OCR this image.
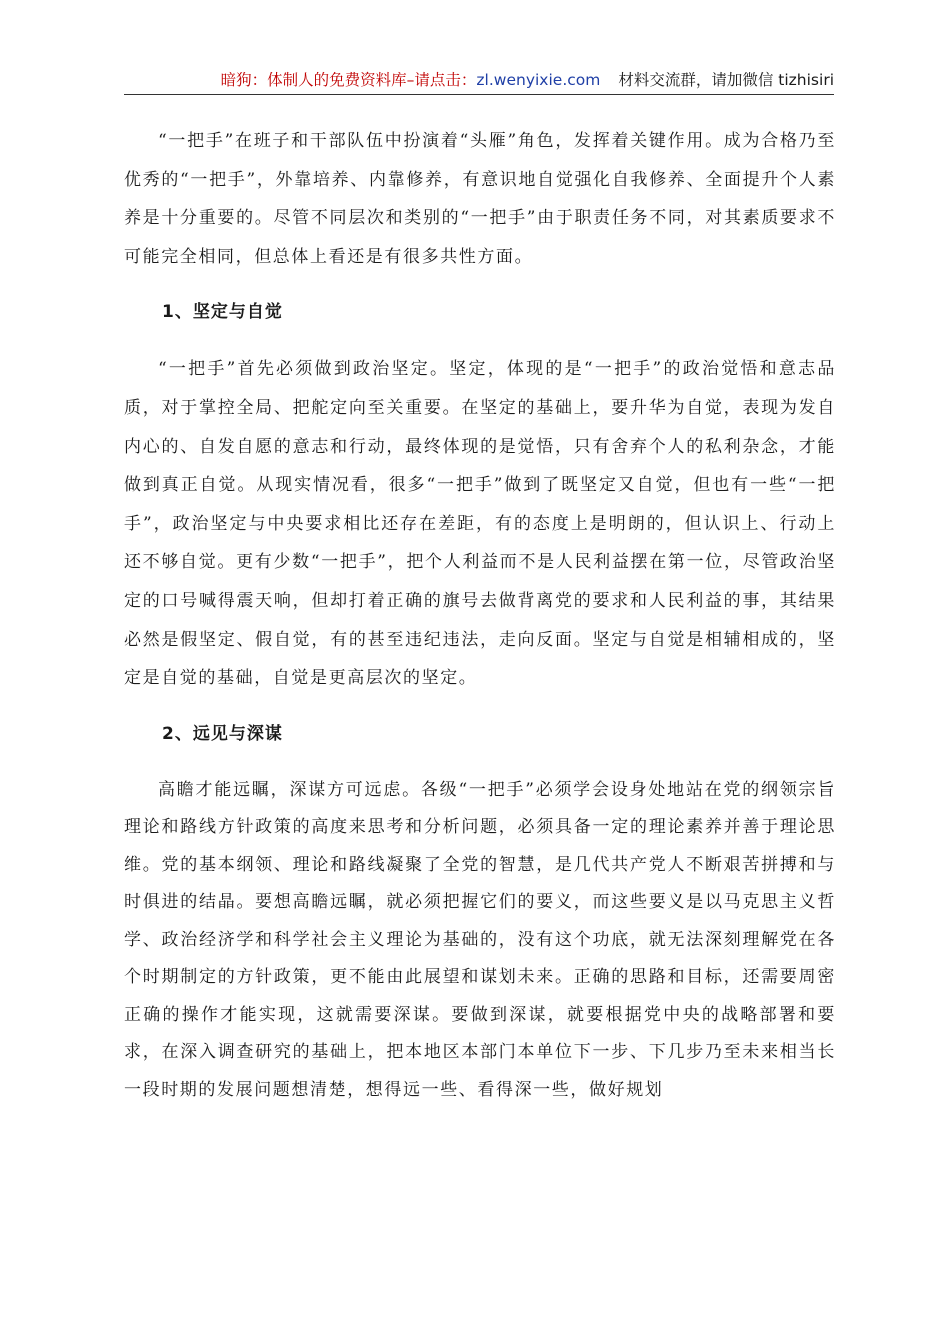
暗狗：体制人的免费资料库–请点击：zl.wenyixie.com 材料交流群，请加微信 tizhisiri

“一把手”在班子和干部队伍中扮演着“头雁”角色，发挥着关键作用。成为合格乃至优秀的“一把手”，外靠培养、内靠修养，有意识地自觉强化自我修养、全面提升个人素养是十分重要的。尽管不同层次和类别的“一把手”由于职责任务不同，对其素质要求不可能完全相同，但总体上看还是有很多共性方面。

1、坚定与自觉

“一把手”首先必须做到政治坚定。坚定，体现的是“一把手”的政治觉悟和意志品质，对于掌控全局、把舵定向至关重要。在坚定的基础上，要升华为自觉，表现为发自内心的、自发自愿的意志和行动，最终体现的是觉悟，只有舍弃个人的私利杂念，才能做到真正自觉。从现实情况看，很多“一把手”做到了既坚定又自觉，但也有一些“一把手”，政治坚定与中央要求相比还存在差距，有的态度上是明朗的，但认识上、行动上还不够自觉。更有少数“一把手”，把个人利益而不是人民利益摆在第一位，尽管政治坚定的口号喊得震天响，但却打着正确的旗号去做背离党的要求和人民利益的事，其结果必然是假坚定、假自觉，有的甚至违纪违法，走向反面。坚定与自觉是相辅相成的，坚定是自觉的基础，自觉是更高层次的坚定。

2、远见与深谋

高瞻才能远瞩，深谋方可远虑。各级“一把手”必须学会设身处地站在党的纲领宗旨理论和路线方针政策的高度来思考和分析问题，必须具备一定的理论素养并善于理论思维。党的基本纲领、理论和路线凝聚了全党的智慧，是几代共产党人不断艰苦拼搏和与时俱进的结晶。要想高瞻远瞩，就必须把握它们的要义，而这些要义是以马克思主义哲学、政治经济学和科学社会主义理论为基础的，没有这个功底，就无法深刻理解党在各个时期制定的方针政策，更不能由此展望和谋划未来。正确的思路和目标，还需要周密正确的操作才能实现，这就需要深谋。要做到深谋，就要根据党中央的战略部署和要求，在深入调查研究的基础上，把本地区本部门本单位下一步、下几步乃至未来相当长一段时期的发展问题想清楚，想得远一些、看得深一些，做好规划
